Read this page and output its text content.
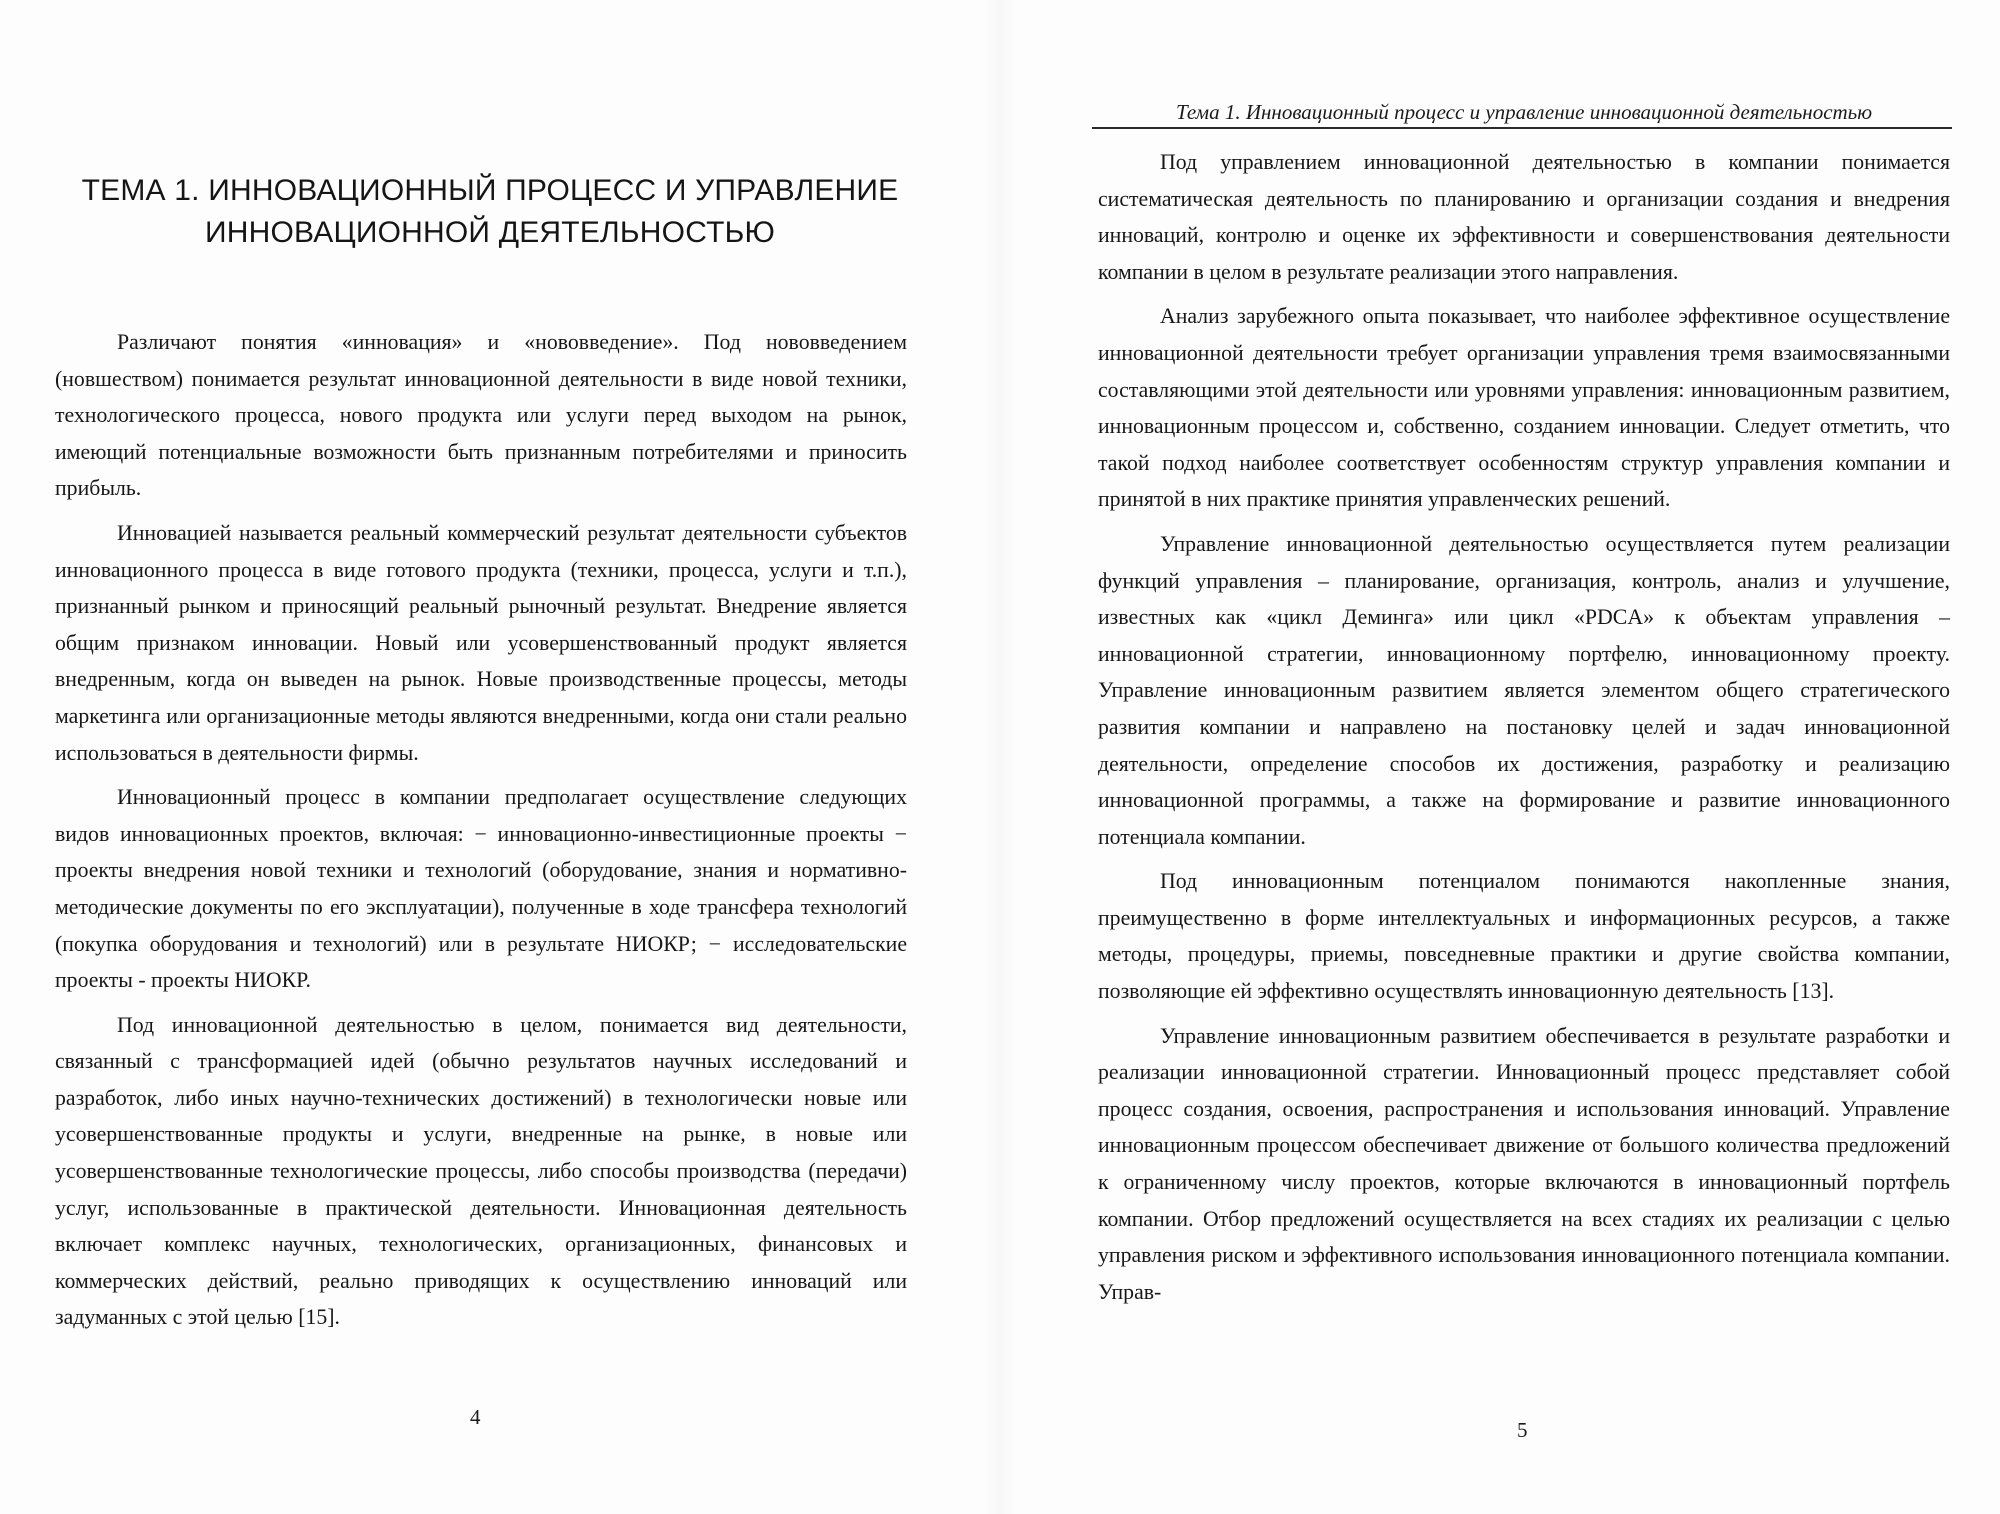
ТЕМА 1. ИННОВАЦИОННЫЙ ПРОЦЕСС И УПРАВЛЕНИЕ
ИННОВАЦИОННОЙ ДЕЯТЕЛЬНОСТЬЮ

Различают понятия «инновация» и «нововведение». Под нововведением (новшеством) понимается результат инновационной деятельности в виде новой техники, технологического процесса, нового продукта или услуги перед выходом на рынок, имеющий потенциальные возможности быть признанным потребителями и приносить прибыль.

Инновацией называется реальный коммерческий результат деятельности субъектов инновационного процесса в виде готового продукта (техники, процесса, услуги и т.п.), признанный рынком и приносящий реальный рыночный результат. Внедрение является общим признаком инновации. Новый или усовершенствованный продукт является внедренным, когда он выведен на рынок. Новые производственные процессы, методы маркетинга или организационные методы являются внедренными, когда они стали реально использоваться в деятельности фирмы.

Инновационный процесс в компании предполагает осуществление следующих видов инновационных проектов, включая: − инновационно-инвестиционные проекты − проекты внедрения новой техники и технологий (оборудование, знания и нормативно-методические документы по его эксплуатации), полученные в ходе трансфера технологий (покупка оборудования и технологий) или в результате НИОКР; − исследовательские проекты - проекты НИОКР.

Под инновационной деятельностью в целом, понимается вид деятельности, связанный с трансформацией идей (обычно результатов научных исследований и разработок, либо иных научно-технических достижений) в технологически новые или усовершенствованные продукты и услуги, внедренные на рынке, в новые или усовершенствованные технологические процессы, либо способы производства (передачи) услуг, использованные в практической деятельности. Инновационная деятельность включает комплекс научных, технологических, организационных, финансовых и коммерческих действий, реально приводящих к осуществлению инноваций или задуманных с этой целью [15].

4
Тема 1. Инновационный процесс и управление инновационной деятельностью

Под управлением инновационной деятельностью в компании понимается систематическая деятельность по планированию и организации создания и внедрения инноваций, контролю и оценке их эффективности и совершенствования деятельности компании в целом в результате реализации этого направления.

Анализ зарубежного опыта показывает, что наиболее эффективное осуществление инновационной деятельности требует организации управления тремя взаимосвязанными составляющими этой деятельности или уровнями управления: инновационным развитием, инновационным процессом и, собственно, созданием инновации. Следует отметить, что такой подход наиболее соответствует особенностям структур управления компании и принятой в них практике принятия управленческих решений.

Управление инновационной деятельностью осуществляется путем реализации функций управления – планирование, организация, контроль, анализ и улучшение, известных как «цикл Деминга» или цикл «PDCA» к объектам управления – инновационной стратегии, инновационному портфелю, инновационному проекту. Управление инновационным развитием является элементом общего стратегического развития компании и направлено на постановку целей и задач инновационной деятельности, определение способов их достижения, разработку и реализацию инновационной программы, а также на формирование и развитие инновационного потенциала компании.

Под инновационным потенциалом понимаются накопленные знания, преимущественно в форме интеллектуальных и информационных ресурсов, а также методы, процедуры, приемы, повседневные практики и другие свойства компании, позволяющие ей эффективно осуществлять инновационную деятельность [13].

Управление инновационным развитием обеспечивается в результате разработки и реализации инновационной стратегии. Инновационный процесс представляет собой процесс создания, освоения, распространения и использования инноваций. Управление инновационным процессом обеспечивает движение от большого количества предложений к ограниченному числу проектов, которые включаются в инновационный портфель компании. Отбор предложений осуществляется на всех стадиях их реализации с целью управления риском и эффективного использования инновационного потенциала компании. Управ-

5
